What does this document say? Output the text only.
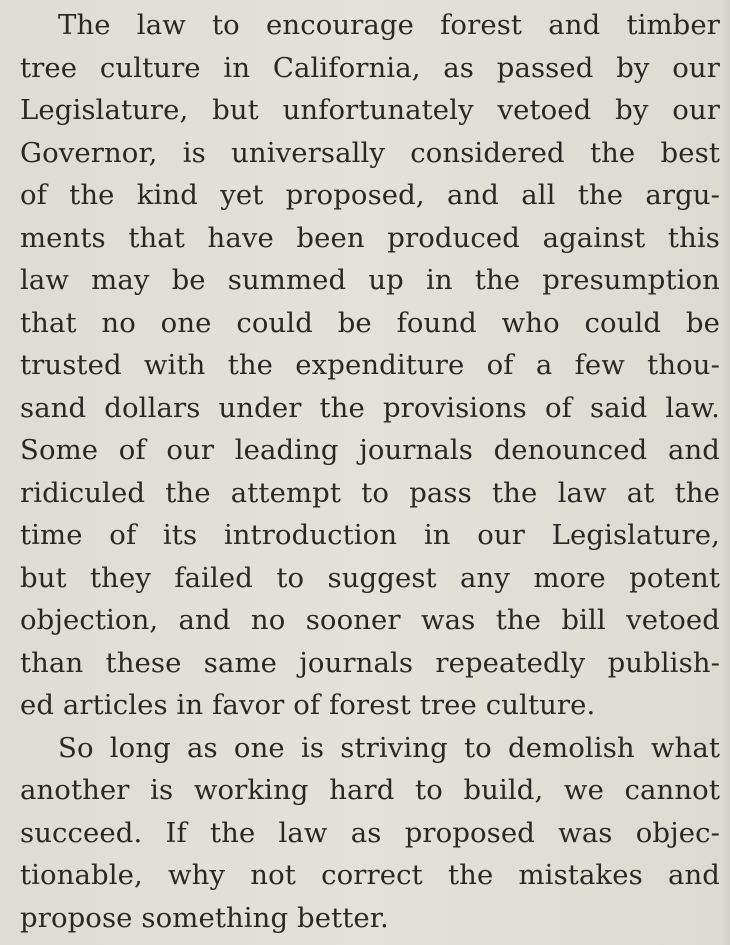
The law to encourage forest and timber
tree culture in California, as passed by our
Legislature, but unfortunately vetoed by our
Governor, is universally considered the best
of the kind yet proposed, and all the argu-
ments that have been produced against this
law may be summed up in the presumption
that no one could be found who could be
trusted with the expenditure of a few thou-
sand dollars under the provisions of said law.
Some of our leading journals denounced and
ridiculed the attempt to pass the law at the
time of its introduction in our Legislature,
but they failed to suggest any more potent
objection, and no sooner was the bill vetoed
than these same journals repeatedly publish-
ed articles in favor of forest tree culture.
So long as one is striving to demolish what
another is working hard to build, we cannot
succeed. If the law as proposed was objec-
tionable, why not correct the mistakes and
propose something better.
